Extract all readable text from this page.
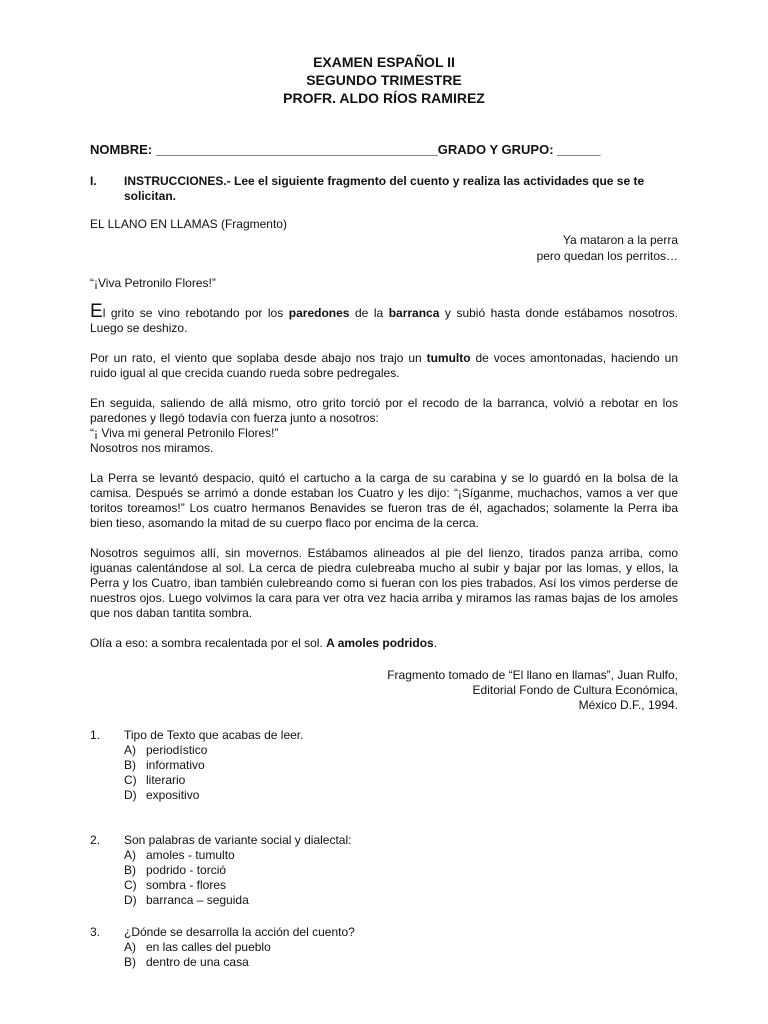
EXAMEN ESPAÑOL II
SEGUNDO TRIMESTRE
PROFR. ALDO RÍOS RAMIREZ
NOMBRE: _______________________________________GRADO Y GRUPO: ______
I. INSTRUCCIONES.- Lee el siguiente fragmento del cuento y realiza las actividades que se te solicitan.
EL LLANO EN LLAMAS (Fragmento)
Ya mataron a la perra
pero quedan los perritos…
“¡Viva Petronilo Flores!”

El grito se vino rebotando por los paredones de la barranca y subió hasta donde estábamos nosotros. Luego se deshizo.

Por un rato, el viento que soplaba desde abajo nos trajo un tumulto de voces amontonadas, haciendo un ruido igual al que crecida cuando rueda sobre pedregales.

En seguida, saliendo de allá mismo, otro grito torció por el recodo de la barranca, volvió a rebotar en los paredones y llegó todavía con fuerza junto a nosotros:
“¡ Viva mi general Petronilo Flores!”
Nosotros nos miramos.

La Perra se levantó despacio, quitó el cartucho a la carga de su carabina y se lo guardó en la bolsa de la camisa. Después se arrimó a donde estaban los Cuatro y les dijo: “¡Síganme, muchachos, vamos a ver que toritos toreamos!” Los cuatro hermanos Benavides se fueron tras de él, agachados; solamente la Perra iba bien tieso, asomando la mitad de su cuerpo flaco por encima de la cerca.

Nosotros seguimos allí, sin movernos. Estábamos alineados al pie del lienzo, tirados panza arriba, como iguanas calentándose al sol. La cerca de piedra culebreaba mucho al subir y bajar por las lomas, y ellos, la Perra y los Cuatro, iban también culebreando como si fueran con los pies trabados. Así los vimos perderse de nuestros ojos. Luego volvimos la cara para ver otra vez hacia arriba y miramos las ramas bajas de los amoles que nos daban tantita sombra.

Olía a eso: a sombra recalentada por el sol. A amoles podridos.

Fragmento tomado de “El llano en llamas”, Juan Rulfo,
Editorial Fondo de Cultura Económica,
México D.F., 1994.
1. Tipo de Texto que acabas de leer.
A) periodístico
B) informativo
C) literario
D) expositivo
2. Son palabras de variante social y dialectal:
A) amoles - tumulto
B) podrido - torció
C) sombra - flores
D) barranca – seguida
3. ¿Dónde se desarrolla la acción del cuento?
A) en las calles del pueblo
B) dentro de una casa
